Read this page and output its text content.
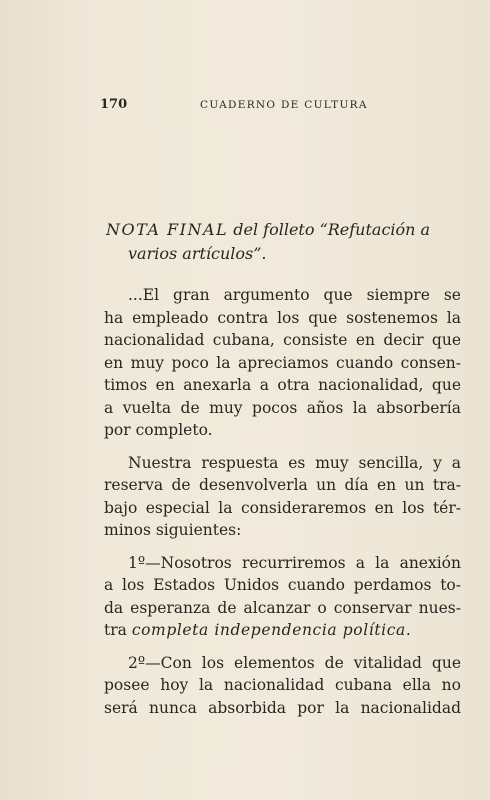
170	CUADERNO DE CULTURA
NOTA FINAL del folleto “Refutación a
varios artículos”.
...El gran argumento que siempre se
ha empleado contra los que sostenemos la
nacionalidad cubana, consiste en decir que
en muy poco la apreciamos cuando consen-
timos en anexarla a otra nacionalidad, que
a vuelta de muy pocos años la absorbería
por completo.
Nuestra respuesta es muy sencilla, y a
reserva de desenvolverla un día en un tra-
bajo especial la consideraremos en los tér-
minos siguientes:
1º—Nosotros recurriremos a la anexión
a los Estados Unidos cuando perdamos to-
da esperanza de alcanzar o conservar nues-
tra completa independencia política.
2º—Con los elementos de vitalidad que
posee hoy la nacionalidad cubana ella no
será nunca absorbida por la nacionalidad
